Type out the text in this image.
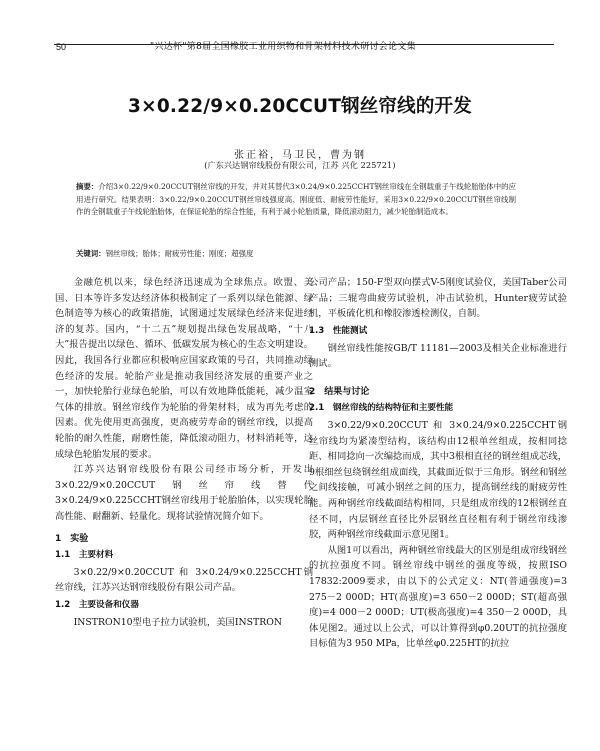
50	"兴达杯"第8届全国橡胶工业用织物和骨架材料技术研讨会论文集
3×0.22/9×0.20CCUT钢丝帘线的开发
张正裕，马卫民，曹为钢
(广东兴达钢帘线股份有限公司，江苏 兴化 225721)
摘要：介绍3×0.22/9×0.20CCUT钢丝帘线的开发，并对其替代3×0.24/9×0.225CCHT钢丝帘线在全钢载重子午线轮胎胎体中的应用进行研究。结果表明：3×0.22/9×0.20CCUT钢丝帘线强度高、刚度低、耐疲劳性能好，采用3×0.22/9×0.20CCUT钢丝帘线制作的全钢载重子午线轮胎胎体，在保证轮胎的综合性能，有利于减小轮胎质量，降低滚动阻力，减少轮胎制造成本。
关键词：钢丝帘线；胎体；耐疲劳性能；刚度；超强度

金融危机以来，绿色经济迅速成为全球焦点。欧盟、美国、日本等许多发达经济体积极制定了一系列以绿色能源、绿色制造等为核心的政策措施，试图通过发展绿色经济来促进经济的复苏。国内，“十二五”规划提出绿色发展战略，“十八大”报告提出以绿色、循环、低碳发展为核心的生态文明建设。因此，我国各行业都应积极响应国家政策的号召，共同推动绿色经济的发展。轮胎产业是推动我国经济发展的重要产业之一，加快轮胎行业绿色轮胎，可以有效地降低能耗，减少温室气体的排放。钢丝帘线作为轮胎的骨架材料，成为再先考虑的因素。优先使用更高强度，更高疲劳寿命的钢丝帘线，以提高轮胎的耐久性能，耐磨性能，降低滚动阻力，材料消耗等，这成绿色轮胎发展的要求。

江苏兴达钢帘线股份有限公司经市场分析，开发出3×0.22/9×0.20CCUT钢丝帘线替代3×0.24/9×0.225CCHT钢丝帘线用于轮胎胎体，以实现轮胎高性能、耐翻新、轻量化。现将试验情况简介如下。

1　实验
1.1　主要材料

3×0.22/9×0.20CCUT 和 3×0.24/9×0.225CCHT钢丝帘线，江苏兴达钢帘线股份有限公司产品。

1.2　主要设备和仪器

INSTRON10型电子拉力试验机，美国INSTRON

公司产品；150-F型双向摆式V-5刚度试验仪，美国Taber公司产品；三辊弯曲疲劳试验机，冲击试验机，Hunter疲劳试验机，平板硫化机和橡胶渗透检测仪，自制。

1.3　性能测试

钢丝帘线性能按GB/T 11181—2003及相关企业标准进行测试。

2　结果与讨论
2.1　钢丝帘线的结构特征和主要性能

3×0.22/9×0.20CCUT 和 3×0.24/9×0.225CCHT钢丝帘线均为紧凑型结构，该结构由12根单丝组成，按相同捻距、相同捻向一次编捻而成，其中3根相直径的钢丝组成芯线，9根细丝包绕钢丝组成面线，其截面近似于三角形。钢丝和钢丝之间线接触，可减小钢丝之间的压力，提高钢丝线的耐疲劳性能。两种钢丝帘线截面结构相同，只是组成帘线的12根钢丝直径不同，内层钢丝直径比外层钢丝直径粗有利于钢丝帘线渗胶，两种钢丝帘线截面示意见图1。

从图1可以看出，两种钢丝帘线最大的区别是组成帘线钢丝的抗拉强度不同。钢丝帘线中钢丝的强度等级，按照ISO 17832:2009要求，由以下的公式定义：NT(普通强度)=3 275－2 000D；HT(高强度)=3 650－2 000D；ST(超高强度)=4 000－2 000D；UT(极高强度)=4 350－2 000D，具体见图2。通过以上公式，可以计算得到φ0.20UT的抗拉强度目标值为3 950 MPa，比单丝φ0.225HT的抗拉
